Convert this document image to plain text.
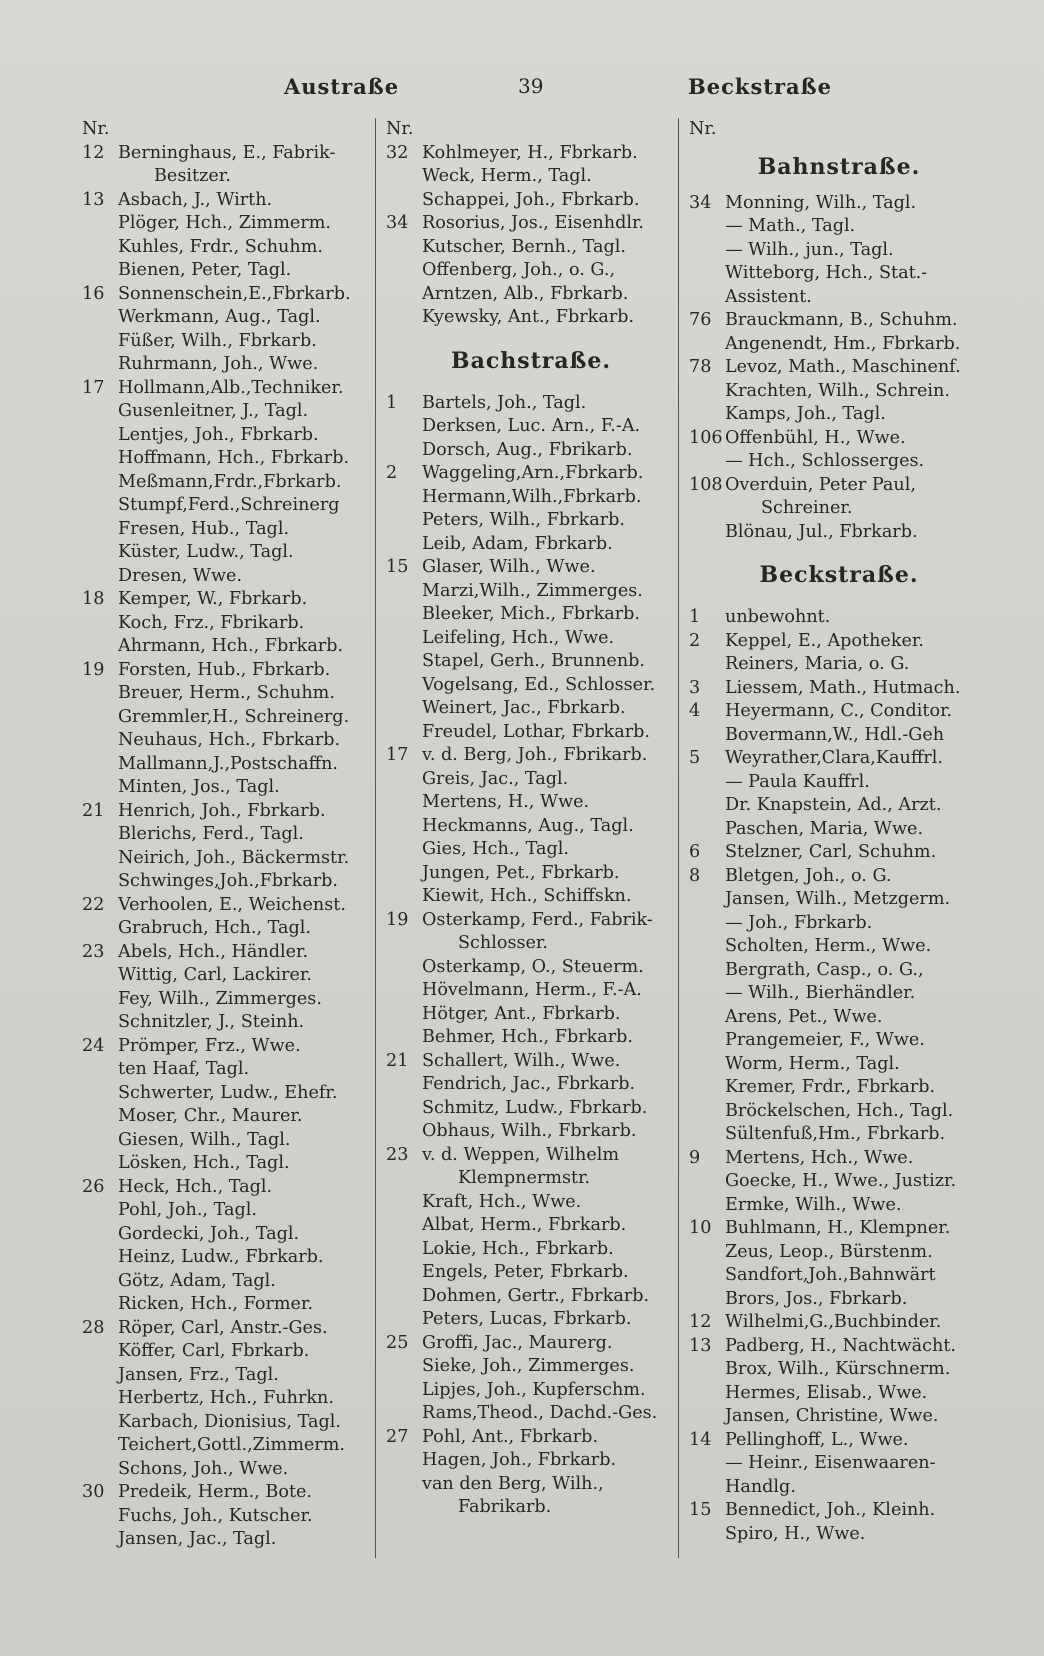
Austraße	39	Beckstraße
Nr.
12 Berninghaus, E., Fabrik-
Besitzer.
13 Asbach, J., Wirth.
Plöger, Hch., Zimmerm.
Kuhles, Frdr., Schuhm.
Bienen, Peter, Tagl.
16 Sonnenschein,E.,Fbrkarb.
Werkmann, Aug., Tagl.
Füßer, Wilh., Fbrkarb.
Ruhrmann, Joh., Wwe.
17 Hollmann,Alb.,Techniker.
Gusenleitner, J., Tagl.
Lentjes, Joh., Fbrkarb.
Hoffmann, Hch., Fbrkarb.
Meßmann,Frdr.,Fbrkarb.
Stumpf,Ferd.,Schreinerg
Fresen, Hub., Tagl.
Küster, Ludw., Tagl.
Dresen, Wwe.
18 Kemper, W., Fbrkarb.
Koch, Frz., Fbrikarb.
Ahrmann, Hch., Fbrkarb.
19 Forsten, Hub., Fbrkarb.
Breuer, Herm., Schuhm.
Gremmler,H., Schreinerg.
Neuhaus, Hch., Fbrkarb.
Mallmann,J.,Postschaffn.
Minten, Jos., Tagl.
21 Henrich, Joh., Fbrkarb.
Blerichs, Ferd., Tagl.
Neirich, Joh., Bäckermstr.
Schwinges,Joh.,Fbrkarb.
22 Verhoolen, E., Weichenst.
Grabruch, Hch., Tagl.
23 Abels, Hch., Händler.
Wittig, Carl, Lackirer.
Fey, Wilh., Zimmerges.
Schnitzler, J., Steinh.
24 Prömper, Frz., Wwe.
ten Haaf, Tagl.
Schwerter, Ludw., Ehefr.
Moser, Chr., Maurer.
Giesen, Wilh., Tagl.
Lösken, Hch., Tagl.
26 Heck, Hch., Tagl.
Pohl, Joh., Tagl.
Gordecki, Joh., Tagl.
Heinz, Ludw., Fbrkarb.
Götz, Adam, Tagl.
Ricken, Hch., Former.
28 Röper, Carl, Anstr.-Ges.
Köffer, Carl, Fbrkarb.
Jansen, Frz., Tagl.
Herbertz, Hch., Fuhrkn.
Karbach, Dionisius, Tagl.
Teichert,Gottl.,Zimmerm.
Schons, Joh., Wwe.
30 Predeik, Herm., Bote.
Fuchs, Joh., Kutscher.
Jansen, Jac., Tagl.
Nr.
32 Kohlmeyer, H., Fbrkarb.
Weck, Herm., Tagl.
Schappei, Joh., Fbrkarb.
34 Rosorius, Jos., Eisenhdlr.
Kutscher, Bernh., Tagl.
Offenberg, Joh., o. G.,
Arntzen, Alb., Fbrkarb.
Kyewsky, Ant., Fbrkarb.
Bachstraße.
1 Bartels, Joh., Tagl.
Derksen, Luc. Arn., F.-A.
Dorsch, Aug., Fbrikarb.
2 Waggeling,Arn.,Fbrkarb.
Hermann,Wilh.,Fbrkarb.
Peters, Wilh., Fbrkarb.
Leib, Adam, Fbrkarb.
15 Glaser, Wilh., Wwe.
Marzi,Wilh., Zimmerges.
Bleeker, Mich., Fbrkarb.
Leifeling, Hch., Wwe.
Stapel, Gerh., Brunnenb.
Vogelsang, Ed., Schlosser.
Weinert, Jac., Fbrkarb.
Freudel, Lothar, Fbrkarb.
17 v. d. Berg, Joh., Fbrikarb.
Greis, Jac., Tagl.
Mertens, H., Wwe.
Heckmanns, Aug., Tagl.
Gies, Hch., Tagl.
Jungen, Pet., Fbrkarb.
Kiewit, Hch., Schiffskn.
19 Osterkamp, Ferd., Fabrik-
Schlosser.
Osterkamp, O., Steuerm.
Hövelmann, Herm., F.-A.
Hötger, Ant., Fbrkarb.
Behmer, Hch., Fbrkarb.
21 Schallert, Wilh., Wwe.
Fendrich, Jac., Fbrkarb.
Schmitz, Ludw., Fbrkarb.
Obhaus, Wilh., Fbrkarb.
23 v. d. Weppen, Wilhelm
Klempnermstr.
Kraft, Hch., Wwe.
Albat, Herm., Fbrkarb.
Lokie, Hch., Fbrkarb.
Engels, Peter, Fbrkarb.
Dohmen, Gertr., Fbrkarb.
Peters, Lucas, Fbrkarb.
25 Groffi, Jac., Maurerg.
Sieke, Joh., Zimmerges.
Lipjes, Joh., Kupferschm.
Rams,Theod., Dachd.-Ges.
27 Pohl, Ant., Fbrkarb.
Hagen, Joh., Fbrkarb.
van den Berg, Wilh.,
Fabrikarb.
Nr.
Bahnstraße.
34 Monning, Wilh., Tagl.
— Math., Tagl.
— Wilh., jun., Tagl.
Witteborg, Hch., Stat.-
Assistent.
76 Brauckmann, B., Schuhm.
Angenendt, Hm., Fbrkarb.
78 Levoz, Math., Maschinenf.
Krachten, Wilh., Schrein.
Kamps, Joh., Tagl.
106 Offenbühl, H., Wwe.
— Hch., Schlosserges.
108 Overduin, Peter Paul,
Schreiner.
Blönau, Jul., Fbrkarb.
Beckstraße.
1 unbewohnt.
2 Keppel, E., Apotheker.
Reiners, Maria, o. G.
3 Liessem, Math., Hutmach.
4 Heyermann, C., Conditor.
Bovermann,W., Hdl.-Geh
5 Weyrather,Clara,Kauffrl.
— Paula Kauffrl.
Dr. Knapstein, Ad., Arzt.
Paschen, Maria, Wwe.
6 Stelzner, Carl, Schuhm.
8 Bletgen, Joh., o. G.
Jansen, Wilh., Metzgerm.
— Joh., Fbrkarb.
Scholten, Herm., Wwe.
Bergrath, Casp., o. G.,
— Wilh., Bierhändler.
Arens, Pet., Wwe.
Prangemeier, F., Wwe.
Worm, Herm., Tagl.
Kremer, Frdr., Fbrkarb.
Bröckelschen, Hch., Tagl.
Sültenfuß,Hm., Fbrkarb.
9 Mertens, Hch., Wwe.
Goecke, H., Wwe., Justizr.
Ermke, Wilh., Wwe.
10 Buhlmann, H., Klempner.
Zeus, Leop., Bürstenm.
Sandfort,Joh.,Bahnwärt
Brors, Jos., Fbrkarb.
12 Wilhelmi,G.,Buchbinder.
13 Padberg, H., Nachtwächt.
Brox, Wilh., Kürschnerm.
Hermes, Elisab., Wwe.
Jansen, Christine, Wwe.
14 Pellinghoff, L., Wwe.
— Heinr., Eisenwaaren-
Handlg.
15 Bennedict, Joh., Kleinh.
Spiro, H., Wwe.
